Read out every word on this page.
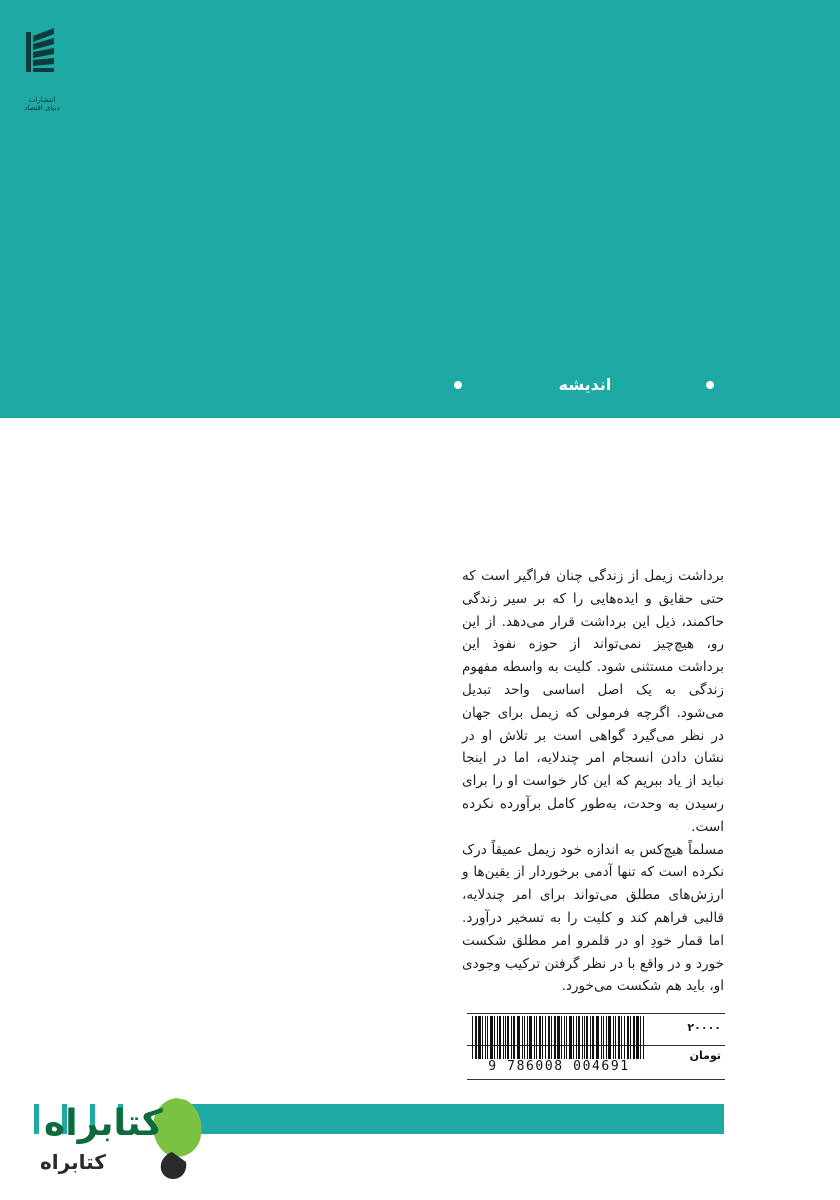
انتشارات دنیای اقتصاد
اندیشه

برداشت زیمل از زندگی چنان فراگیر است که حتی حقایق و ایده‌هایی را که بر سیر زندگی حاکمند، ذیل این برداشت قرار می‌دهد. از این رو، هیچ‌چیز نمی‌تواند از حوزه نفوذ این برداشت مستثنی شود. کلیت به واسطه مفهوم زندگی به یک اصل اساسی واحد تبدیل می‌شود. اگرچه فرمولی که زیمل برای جهان در نظر می‌گیرد گواهی است بر تلاش او در نشان دادن انسجام امر چندلایه، اما در اینجا نباید از یاد ببریم که این کار خواست او را برای رسیدن به وحدت، به‌طور کامل برآورده نکرده است.

مسلماً هیچ‌کس به اندازه خود زیمل عمیقاً درک نکرده است که تنها آدمی برخوردار از یقین‌ها و ارزش‌های مطلق می‌تواند برای امر چندلایه، قالبی فراهم کند و کلیت را به تسخیر درآورد. اما قمار خودِ او در قلمرو امر مطلق شکست خورد و در واقع با در نظر گرفتن ترکیب وجودی او، باید هم شکست می‌خورد.

9 786008 004691
۲۰۰۰۰
تومان
کتابراه
کتابراه
